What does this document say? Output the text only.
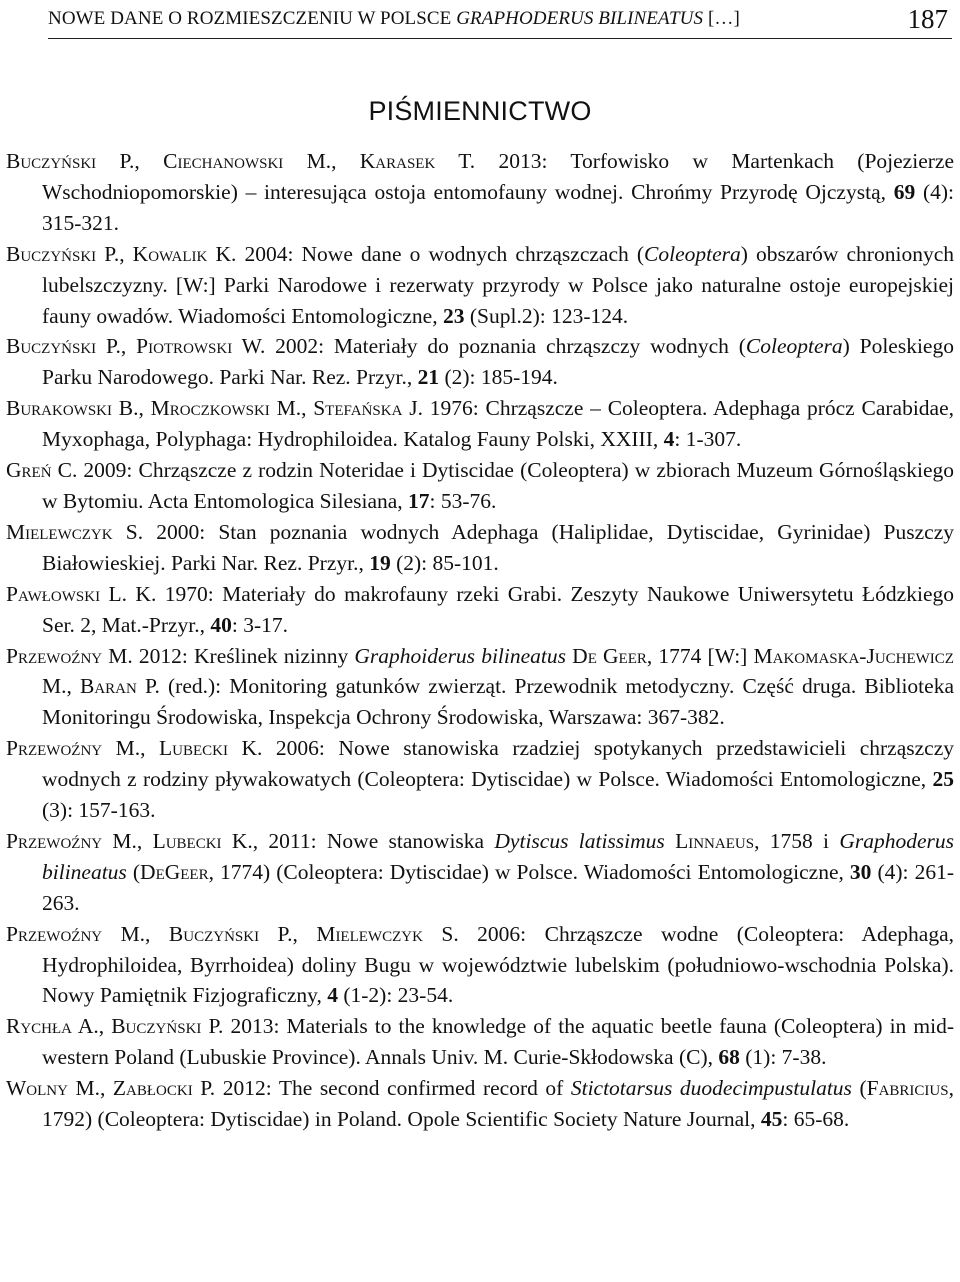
NOWE DANE O ROZMIESZCZENIU W POLSCE GRAPHODERUS BILINEATUS […]	187
PIŚMIENNICTWO

Buczyński P., Ciechanowski M., Karasek T. 2013: Torfowisko w Martenkach (Pojezierze Wschodniopomorskie) – interesująca ostoja entomofauny wodnej. Chrońmy Przyrodę Ojczystą, 69 (4): 315-321.

Buczyński P., Kowalik K. 2004: Nowe dane o wodnych chrząszczach (Coleoptera) obszarów chronionych lubelszczyzny. [W:] Parki Narodowe i rezerwaty przyrody w Polsce jako naturalne ostoje europejskiej fauny owadów. Wiadomości Entomologiczne, 23 (Supl.2): 123-124.

Buczyński P., Piotrowski W. 2002: Materiały do poznania chrząszczy wodnych (Coleoptera) Poleskiego Parku Narodowego. Parki Nar. Rez. Przyr., 21 (2): 185-194.

Burakowski B., Mroczkowski M., Stefańska J. 1976: Chrząszcze – Coleoptera. Adephaga prócz Carabidae, Myxophaga, Polyphaga: Hydrophiloidea. Katalog Fauny Polski, XXIII, 4: 1-307.

Greń C. 2009: Chrząszcze z rodzin Noteridae i Dytiscidae (Coleoptera) w zbiorach Muzeum Górnośląskiego w Bytomiu. Acta Entomologica Silesiana, 17: 53-76.

Mielewczyk S. 2000: Stan poznania wodnych Adephaga (Haliplidae, Dytiscidae, Gyrinidae) Puszczy Białowieskiej. Parki Nar. Rez. Przyr., 19 (2): 85-101.

Pawłowski L. K. 1970: Materiały do makrofauny rzeki Grabi. Zeszyty Naukowe Uniwersytetu Łódzkiego Ser. 2, Mat.-Przyr., 40: 3-17.

Przewoźny M. 2012: Kreślinek nizinny Graphoiderus bilineatus De Geer, 1774 [W:] Makomaska-Juchewicz M., Baran P. (red.): Monitoring gatunków zwierząt. Przewodnik metodyczny. Część druga. Biblioteka Monitoringu Środowiska, Inspekcja Ochrony Środowiska, Warszawa: 367-382.

Przewoźny M., Lubecki K. 2006: Nowe stanowiska rzadziej spotykanych przedstawicieli chrząszczy wodnych z rodziny pływakowatych (Coleoptera: Dytiscidae) w Polsce. Wiadomości Entomologiczne, 25 (3): 157-163.

Przewoźny M., Lubecki K., 2011: Nowe stanowiska Dytiscus latissimus Linnaeus, 1758 i Graphoderus bilineatus (DeGeer, 1774) (Coleoptera: Dytiscidae) w Polsce. Wiadomości Entomologiczne, 30 (4): 261-263.

Przewoźny M., Buczyński P., Mielewczyk S. 2006: Chrząszcze wodne (Coleoptera: Adephaga, Hydrophiloidea, Byrrhoidea) doliny Bugu w województwie lubelskim (południowo-wschodnia Polska). Nowy Pamiętnik Fizjograficzny, 4 (1-2): 23-54.

Rychła A., Buczyński P. 2013: Materials to the knowledge of the aquatic beetle fauna (Coleoptera) in mid-western Poland (Lubuskie Province). Annals Univ. M. Curie-Skłodowska (C), 68 (1): 7-38.

Wolny M., Zabłocki P. 2012: The second confirmed record of Stictotarsus duodecimpustulatus (Fabricius, 1792) (Coleoptera: Dytiscidae) in Poland. Opole Scientific Society Nature Journal, 45: 65-68.
